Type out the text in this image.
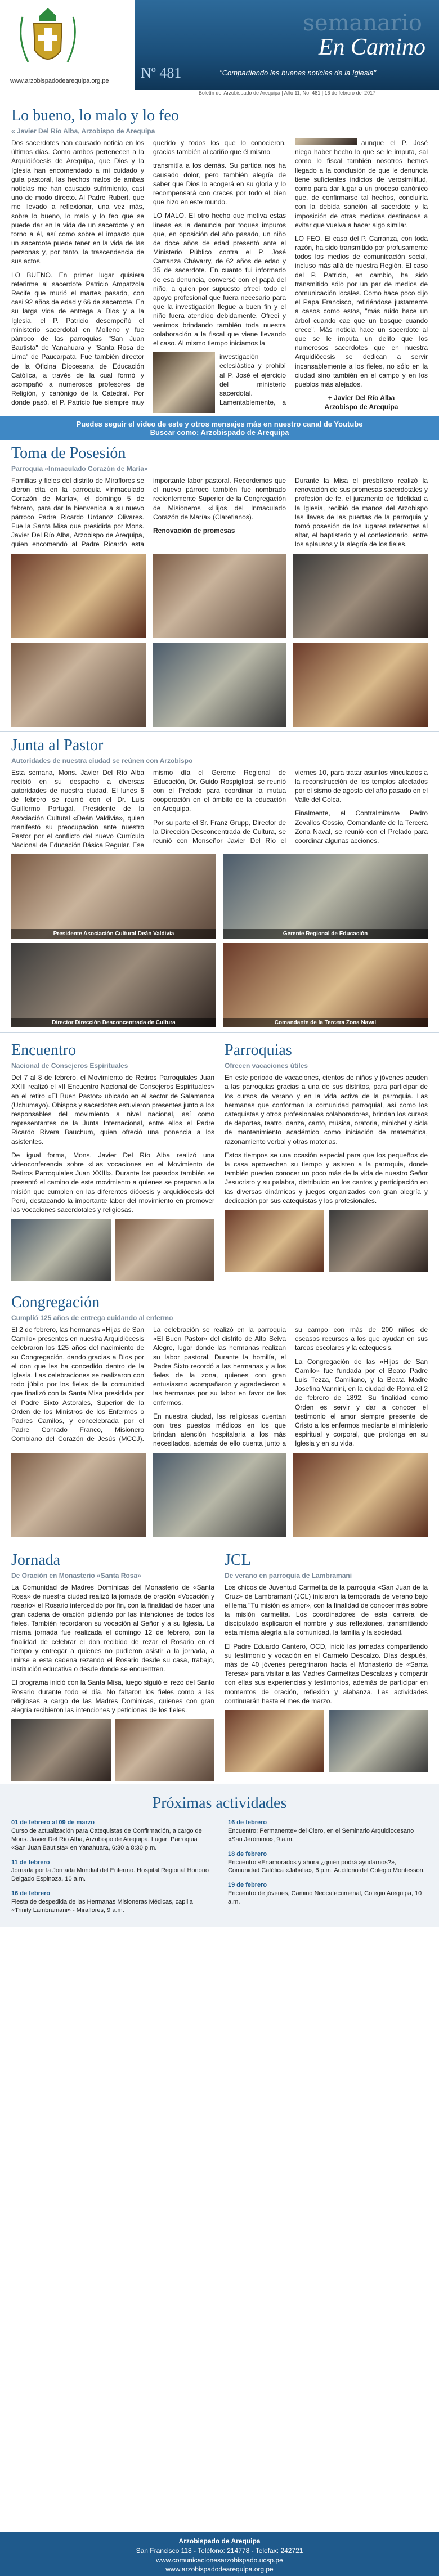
www.arzobispadodearequipa.org.pe
semanario
En Camino
Nº 481	"Compartiendo las buenas noticias de la Iglesia"
Boletín del Arzobispado de Arequipa | Año 11, No. 481 | 16 de febrero del 2017
Lo bueno, lo malo y lo feo
« Javier Del Río Alba, Arzobispo de Arequipa

Dos sacerdotes han causado noticia en los últimos días. Como ambos pertenecen a la Arquidiócesis de Arequipa, que Dios y la Iglesia han encomendado a mi cuidado y guía pastoral, las hechos malos de ambas noticias me han causado sufrimiento, casi uno de modo directo. Al Padre Rubert, que me llevado a reflexionar, una vez más, sobre lo bueno, lo malo y lo feo que se puede dar en la vida de un sacerdote y en torno a él, así como sobre el impacto que un sacerdote puede tener en la vida de las personas y, por tanto, la trascendencia de sus actos.

LO BUENO. En primer lugar quisiera referirme al sacerdote Patricio Ampatzola Recife que murió el martes pasado, con casi 92 años de edad y 66 de sacerdote. En su larga vida de entrega a Dios y a la Iglesia, el P. Patricio desempeñó el ministerio sacerdotal en Molleno y fue párroco de las parroquias "San Juan Bautista" de Yanahuara y "Santa Rosa de Lima" de Paucarpata. Fue también director de la Oficina Diocesana de Educación Católica, a través de la cual formó y acompañó a numerosos profesores de Religión, y canónigo de la Catedral. Por donde pasó, el P. Patricio fue siempre muy querido y todos los que lo conocieron, gracias también al cariño que él mismo

transmitía a los demás. Su partida nos ha causado dolor, pero también alegría de saber que Dios lo acogerá en su gloria y lo recompensará con creces por todo el bien que hizo en este mundo.

LO MALO. El otro hecho que motiva estas líneas es la denuncia por toques impuros que, en oposición del año pasado, un niño de doce años de edad presentó ante el Ministerio Público contra el P. José Carranza Chávarry, de 62 años de edad y 35 de sacerdote. En cuanto fui informado de esa denuncia, conversé con el papá del niño, a quien por supuesto ofrecí todo el apoyo profesional que fuera necesario para que la investigación llegue a buen fin y el niño fuera atendido debidamente. Ofrecí y venimos brindando también toda nuestra colaboración a la fiscal que viene llevando el caso. Al mismo tiempo iniciamos la

investigación eclesiástica y prohibí al P. José el ejercicio del ministerio sacerdotal. Lamentablemente, a aunque el P. José niega haber hecho lo que se le imputa, sal como lo fiscal también nosotros hemos llegado a la conclusión de que le denuncia tiene suficientes indicios de verosimilitud, como para dar lugar a un proceso canónico que, de confirmarse tal hechos, concluiría con la debida sanción al sacerdote y la imposición de otras medidas destinadas a evitar que vuelva a hacer algo similar.

LO FEO. El caso del P. Carranza, con toda razón, ha sido transmitido por profusamente todos los medios de comunicación social, incluso más allá de nuestra Región. El caso del P. Patricio, en cambio, ha sido transmitido sólo por un par de medios de comunicación locales. Como hace poco dijo el Papa Francisco, refiriéndose justamente a casos como estos, "más ruido hace un árbol cuando cae que un bosque cuando crece". Más noticia hace un sacerdote al que se le imputa un delito que los numerosos sacerdotes que en nuestra Arquidiócesis se dedican a servir incansablemente a los fieles, no sólo en la ciudad sino también en el campo y en los pueblos más alejados.

+ Javier Del Río Alba
Arzobispo de Arequipa

Puedes seguir el video de este y otros mensajes más en nuestro canal de Youtube
Buscar como: Arzobispado de Arequipa
Toma de Posesión
Parroquia «Inmaculado Corazón de María»

Familias y fieles del distrito de Miraflores se dieron cita en la parroquia «Inmaculado Corazón de María», el domingo 5 de febrero, para dar la bienvenida a su nuevo párroco Padre Ricardo Urdanoz Olivares. Fue la Santa Misa que presidida por Mons. Javier Del Río Alba, Arzobispo de Arequipa, quien encomendó al Padre Ricardo esta importante labor pastoral. Recordemos que el nuevo párroco también fue nombrado recientemente Superior de la Congregación de Misioneros «Hijos del Inmaculado Corazón de María» (Claretianos).

Renovación de promesas

Durante la Misa el presbítero realizó la renovación de sus promesas sacerdotales y profesión de fe, el juramento de fidelidad a la Iglesia, recibió de manos del Arzobispo las llaves de las puertas de la parroquia y tomó posesión de los lugares referentes al altar, el baptisterio y el confesionario, entre los aplausos y la alegría de los fieles.

Junta al Pastor
Autoridades de nuestra ciudad se reúnen con Arzobispo

Esta semana, Mons. Javier Del Río Alba recibió en su despacho a diversas autoridades de nuestra ciudad. El lunes 6 de febrero se reunió con el Dr. Luis Guillermo Portugal, Presidente de la Asociación Cultural «Deán Valdivia», quien manifestó su preocupación ante nuestro Pastor por el conflicto del nuevo Currículo Nacional de Educación Básica Regular. Ese mismo día el Gerente Regional de Educación, Dr. Guido Rospigliosi, se reunió con el Prelado para coordinar la mutua cooperación en el ámbito de la educación en Arequipa.

Por su parte el Sr. Franz Grupp, Director de la Dirección Desconcentrada de Cultura, se reunió con Monseñor Javier Del Río el viernes 10, para tratar asuntos vinculados a la reconstrucción de los templos afectados por el sismo de agosto del año pasado en el Valle del Colca.

Finalmente, el Contralmirante Pedro Zevallos Cossio, Comandante de la Tercera Zona Naval, se reunió con el Prelado para coordinar algunas acciones.

Presidente Asociación Cultural Deán Valdivia	Gerente Regional de Educación
Director Dirección Desconcentrada de Cultura	Comandante de la Tercera Zona Naval
Encuentro
Nacional de Consejeros Espirituales

Del 7 al 8 de febrero, el Movimiento de Retiros Parroquiales Juan XXIII realizó el «II Encuentro Nacional de Consejeros Espirituales» en el retiro «El Buen Pastor» ubicado en el sector de Salamanca (Uchumayo). Obispos y sacerdotes estuvieron presentes junto a los responsables del movimiento a nivel nacional, así como representantes de la Junta Internacional, entre ellos el Padre Ricardo Rivera Bauchum, quien ofreció una ponencia a los asistentes.

De igual forma, Mons. Javier Del Río Alba realizó una videoconferencia sobre «Las vocaciones en el Movimiento de Retiros Parroquiales Juan XXIII». Durante los pasados también se presentó el camino de este movimiento a quienes se preparan a la misión que cumplen en las diferentes diócesis y arquidiócesis del Perú, destacando la importante labor del movimiento en promover las vocaciones sacerdotales y religiosas.

Parroquias
Ofrecen vacaciones útiles

En este periodo de vacaciones, cientos de niños y jóvenes acuden a las parroquias gracias a una de sus distritos, para participar de los cursos de verano y en la vida activa de la parroquia. Las hermanas que conforman la comunidad parroquial, así como los catequistas y otros profesionales colaboradores, brindan los cursos de deportes, teatro, danza, canto, música, oratoria, minichef y cicla de mantenimiento académico como iniciación de matemática, razonamiento verbal y otras materias.

Estos tiempos se una ocasión especial para que los pequeños de la casa aprovechen su tiempo y asisten a la parroquia, donde también pueden conocer un poco más de la vida de nuestro Señor Jesucristo y su palabra, distribuido en los cantos y participación en las diversas dinámicas y juegos organizados con gran alegría y dedicación por sus catequistas y los profesionales.

Congregación
Cumplió 125 años de entrega cuidando al enfermo

El 2 de febrero, las hermanas «Hijas de San Camilo» presentes en nuestra Arquidiócesis celebraron los 125 años del nacimiento de su Congregación, dando gracias a Dios por el don que les ha concedido dentro de la Iglesia. Las celebraciones se realizaron con todo júbilo por los fieles de la comunidad que finalizó con la Santa Misa presidida por el Padre Sixto Astorales, Superior de la Orden de los Ministros de los Enfermos o Padres Camilos, y concelebrada por el Padre Conrado Franco, Misionero Combiano del Corazón de Jesús (MCCJ). La celebración se realizó en la parroquia «El Buen Pastor» del distrito de Alto Selva Alegre, lugar donde las hermanas realizan su labor pastoral. Durante la homilía, el Padre Sixto recordó a las hermanas y a los fieles de la zona, quienes con gran entusiasmo acompañaron y agradecieron a las hermanas por su labor en favor de los enfermos.

En nuestra ciudad, las religiosas cuentan con tres puestos médicos en los que brindan atención hospitalaria a los más necesitados, además de ello cuenta junto a su campo con más de 200 niños de escasos recursos a los que ayudan en sus tareas escolares y la catequesis.

La Congregación de las «Hijas de San Camilo» fue fundada por el Beato Padre Luis Tezza, Camiliano, y la Beata Madre Josefina Vannini, en la ciudad de Roma el 2 de febrero de 1892. Su finalidad como Orden es servir y dar a conocer el testimonio el amor siempre presente de Cristo a los enfermos mediante el ministerio espiritual y corporal, que prolonga en su Iglesia y en su vida.

Jornada
De Oración en Monasterio «Santa Rosa»

La Comunidad de Madres Dominicas del Monasterio de «Santa Rosa» de nuestra ciudad realizó la jornada de oración «Vocación y rosario» el Rosario intercedido por fin, con la finalidad de hacer una gran cadena de oración pidiendo por las intenciones de todos los fieles. También recordaron su vocación al Señor y a su Iglesia. La misma jornada fue realizada el domingo 12 de febrero, con la finalidad de celebrar el don recibido de rezar el Rosario en el tiempo y entregar a quienes no pudieron asistir a la jornada, a unirse a esta cadena rezando el Rosario desde su casa, trabajo, institución educativa o desde donde se encuentren.

El programa inició con la Santa Misa, luego siguió el rezo del Santo Rosario durante todo el día. No faltaron los fieles como a las religiosas a cargo de las Madres Dominicas, quienes con gran alegría recibieron las intenciones y peticiones de los fieles.

JCL
De verano en parroquia de Lambramani

Los chicos de Juventud Carmelita de la parroquia «San Juan de la Cruz» de Lambramani (JCL) iniciaron la temporada de verano bajo el lema "Tu misión es amor», con la finalidad de conocer más sobre la misión carmelita. Los coordinadores de esta carrera de discipulado explicaron el nombre y sus reflexiones, transmitiendo esta misma alegría a la comunidad, la familia y la sociedad.

El Padre Eduardo Cantero, OCD, inició las jornadas compartiendo su testimonio y vocación en el Carmelo Descalzo. Días después, más de 40 jóvenes peregrinaron hacia el Monasterio de «Santa Teresa» para visitar a las Madres Carmelitas Descalzas y compartir con ellas sus experiencias y testimonios, además de participar en momentos de oración, reflexión y alabanza. Las actividades continuarán hasta el mes de marzo.

Próximas actividades

01 de febrero al 09 de marzo
Curso de actualización para Catequistas de Confirmación, a cargo de Mons. Javier Del Río Alba, Arzobispo de Arequipa. Lugar: Parroquia «San Juan Bautista» en Yanahuara, 6:30 a 8:30 p.m.

11 de febrero
Jornada por la Jornada Mundial del Enfermo. Hospital Regional Honorio Delgado Espinoza, 10 a.m.

16 de febrero
Fiesta de despedida de las Hermanas Misioneras Médicas, capilla «Trinity Lambramani» - Miraflores, 9 a.m.

16 de febrero
Encuentro: Permanente» del Clero, en el Seminario Arquidiocesano «San Jerónimo», 9 a.m.

18 de febrero
Encuentro «Enamorados y ahora ¿quién podrá ayudarnos?», Comunidad Católica «Jabalia», 6 p.m. Auditorio del Colegio Montessori.

19 de febrero
Encuentro de jóvenes, Camino Neocatecumenal, Colegio Arequipa, 10 a.m.

Arzobispado de Arequipa
San Francisco 118 - Teléfono: 214778 - Telefax: 242721
www.comunicacionesarzobispado.ucsp.pe
www.arzobispadodearequipa.org.pe
